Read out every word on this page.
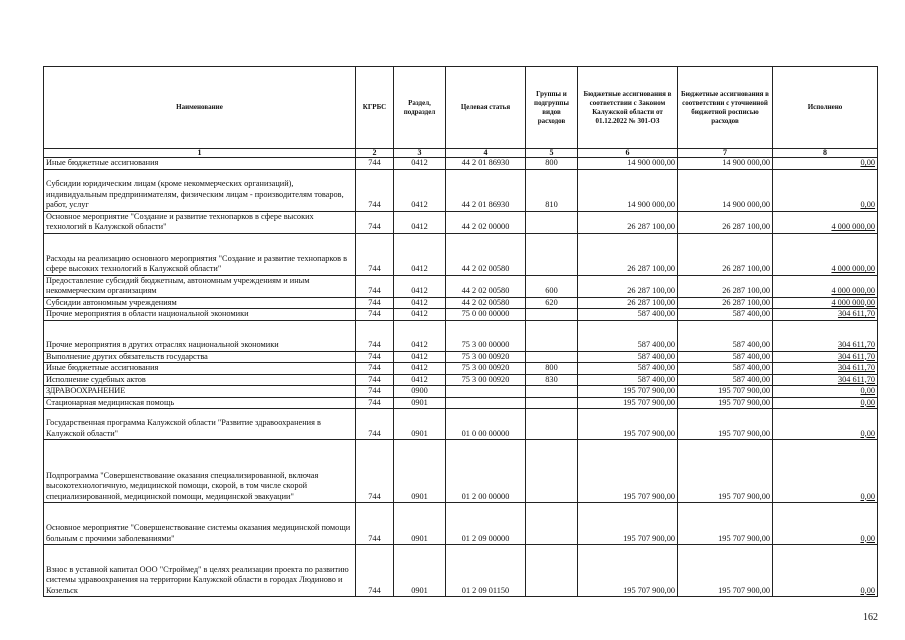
Наименование	КГРБС	Раздел, подраздел	Целевая статья	Группы и подгруппы видов расходов	Бюджетные ассигнования в соответствии с Законом Калужской области от 01.12.2022 № 301-ОЗ	Бюджетные ассигнования в соответствии с уточненной бюджетной росписью расходов	Исполнено
1	2	3	4	5	6	7	8
Иные бюджетные ассигнования	744	0412	44 2 01 86930	800	14 900 000,00	14 900 000,00	0,00
Субсидии юридическим лицам (кроме некоммерческих организаций), индивидуальным предпринимателям, физическим лицам - производителям товаров, работ, услуг	744	0412	44 2 01 86930	810	14 900 000,00	14 900 000,00	0,00
Основное мероприятие "Создание и развитие технопарков в сфере высоких технологий в Калужской области"	744	0412	44 2 02 00000		26 287 100,00	26 287 100,00	4 000 000,00
Расходы на реализацию основного мероприятия "Создание и развитие технопарков в сфере высоких технологий в Калужской области"	744	0412	44 2 02 00580		26 287 100,00	26 287 100,00	4 000 000,00
Предоставление субсидий бюджетным, автономным учреждениям и иным некоммерческим организациям	744	0412	44 2 02 00580	600	26 287 100,00	26 287 100,00	4 000 000,00
Субсидии автономным учреждениям	744	0412	44 2 02 00580	620	26 287 100,00	26 287 100,00	4 000 000,00
Прочие мероприятия в области национальной экономики	744	0412	75 0 00 00000		587 400,00	587 400,00	304 611,70
Прочие мероприятия в других отраслях национальной экономики	744	0412	75 3 00 00000		587 400,00	587 400,00	304 611,70
Выполнение других обязательств государства	744	0412	75 3 00 00920		587 400,00	587 400,00	304 611,70
Иные бюджетные ассигнования	744	0412	75 3 00 00920	800	587 400,00	587 400,00	304 611,70
Исполнение судебных актов	744	0412	75 3 00 00920	830	587 400,00	587 400,00	304 611,70
ЗДРАВООХРАНЕНИЕ	744	0900			195 707 900,00	195 707 900,00	0,00
Стационарная медицинская помощь	744	0901			195 707 900,00	195 707 900,00	0,00
Государственная программа Калужской области "Развитие здравоохранения в Калужской области"	744	0901	01 0 00 00000		195 707 900,00	195 707 900,00	0,00
Подпрограмма "Совершенствование оказания специализированной, включая высокотехнологичную, медицинской помощи, скорой, в том числе скорой специализированной, медицинской помощи, медицинской эвакуации"	744	0901	01 2 00 00000		195 707 900,00	195 707 900,00	0,00
Основное мероприятие "Совершенствование системы оказания медицинской помощи больным с прочими заболеваниями"	744	0901	01 2 09 00000		195 707 900,00	195 707 900,00	0,00
Взнос в уставной капитал ООО "Строймед" в целях реализации проекта по развитию системы здравоохранения на территории Калужской области в городах Людиново и Козельск	744	0901	01 2 09 01150		195 707 900,00	195 707 900,00	0,00
162
